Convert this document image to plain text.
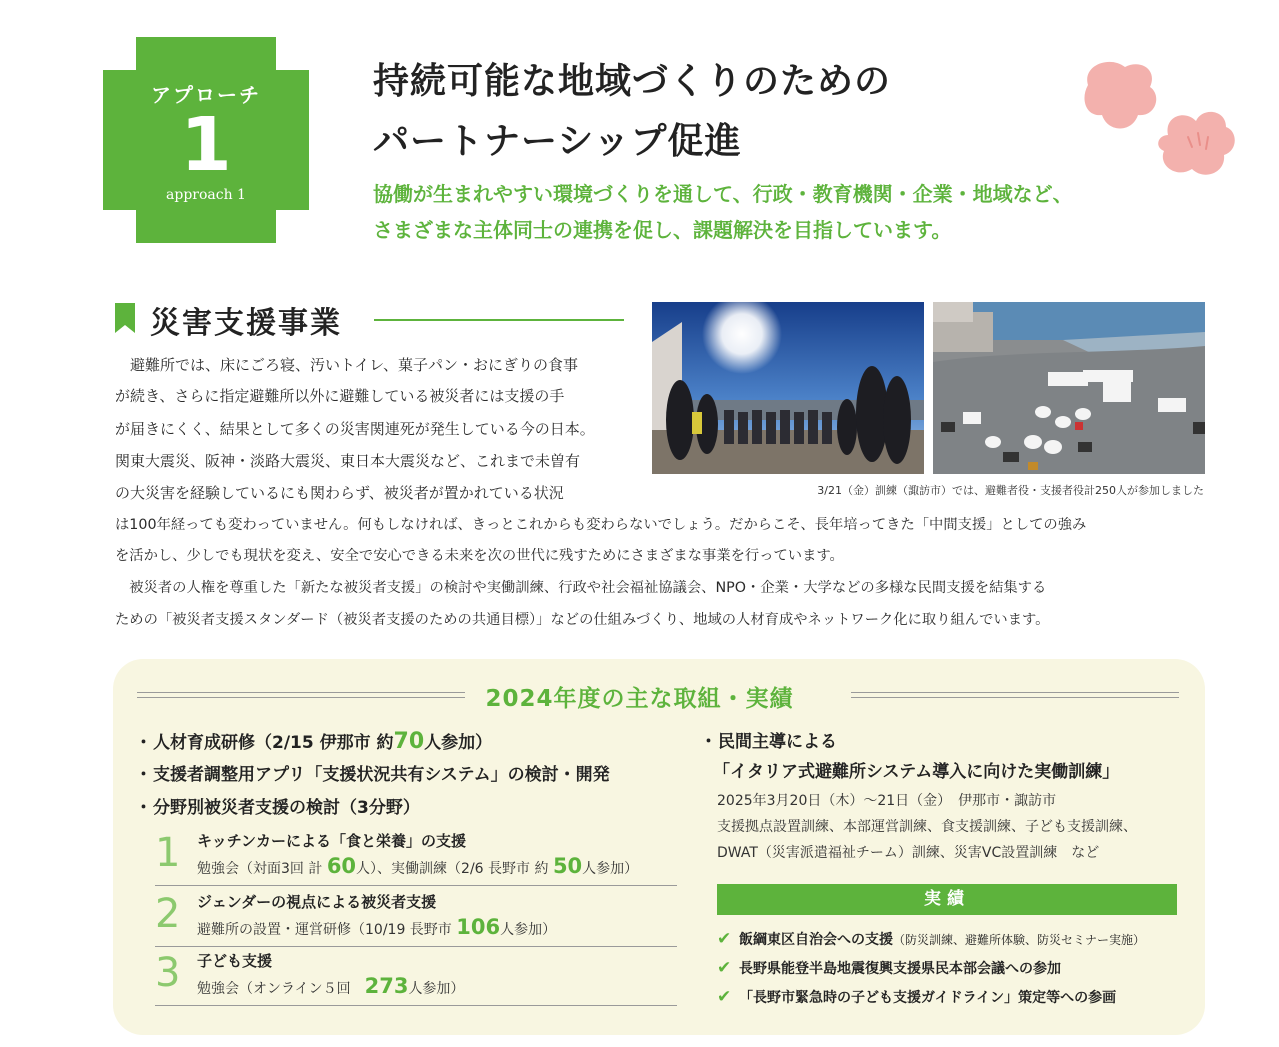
アプローチ
1
approach 1
持続可能な地域づくりのための
パートナーシップ促進
協働が生まれやすい環境づくりを通して、行政・教育機関・企業・地域など、
さまざまな主体同士の連携を促し、課題解決を目指しています。
災害支援事業
3/21（金）訓練（諏訪市）では、避難者役・支援者役計250人が参加しました
　避難所では、床にごろ寝、汚いトイレ、菓子パン・おにぎりの食事
が続き、さらに指定避難所以外に避難している被災者には支援の手
が届きにくく、結果として多くの災害関連死が発生している今の日本。
関東大震災、阪神・淡路大震災、東日本大震災など、これまで未曽有
の大災害を経験しているにも関わらず、被災者が置かれている状況
は100年経っても変わっていません。何もしなければ、きっとこれからも変わらないでしょう。だからこそ、長年培ってきた「中間支援」としての強み
を活かし、少しでも現状を変え、安全で安心できる未来を次の世代に残すためにさまざまな事業を行っています。
　被災者の人権を尊重した「新たな被災者支援」の検討や実働訓練、行政や社会福祉協議会、NPO・企業・大学などの多様な民間支援を結集する
ための「被災者支援スタンダード（被災者支援のための共通目標）」などの仕組みづくり、地域の人材育成やネットワーク化に取り組んでいます。
2024年度の主な取組・実績
・人材育成研修（2/15 伊那市 約70人参加）
・支援者調整用アプリ「支援状況共有システム」の検討・開発
・分野別被災者支援の検討（3分野）
1 キッチンカーによる「食と栄養」の支援
勉強会（対面3回 計 60人）、実働訓練（2/6 長野市 約 50人参加）
2 ジェンダーの視点による被災者支援
避難所の設置・運営研修（10/19 長野市 106人参加）
3 子ども支援
勉強会（オンライン５回　273人参加）
・民間主導による
「イタリア式避難所システム導入に向けた実働訓練」
2025年3月20日（木）～21日（金）　伊那市・諏訪市
支援拠点設置訓練、本部運営訓練、食支援訓練、子ども支援訓練、
DWAT（災害派遣福祉チーム）訓練、災害VC設置訓練　など
実績
✔ 飯綱東区自治会への支援（防災訓練、避難所体験、防災セミナー実施）
✔ 長野県能登半島地震復興支援県民本部会議への参加
✔ 「長野市緊急時の子ども支援ガイドライン」策定等への参画
